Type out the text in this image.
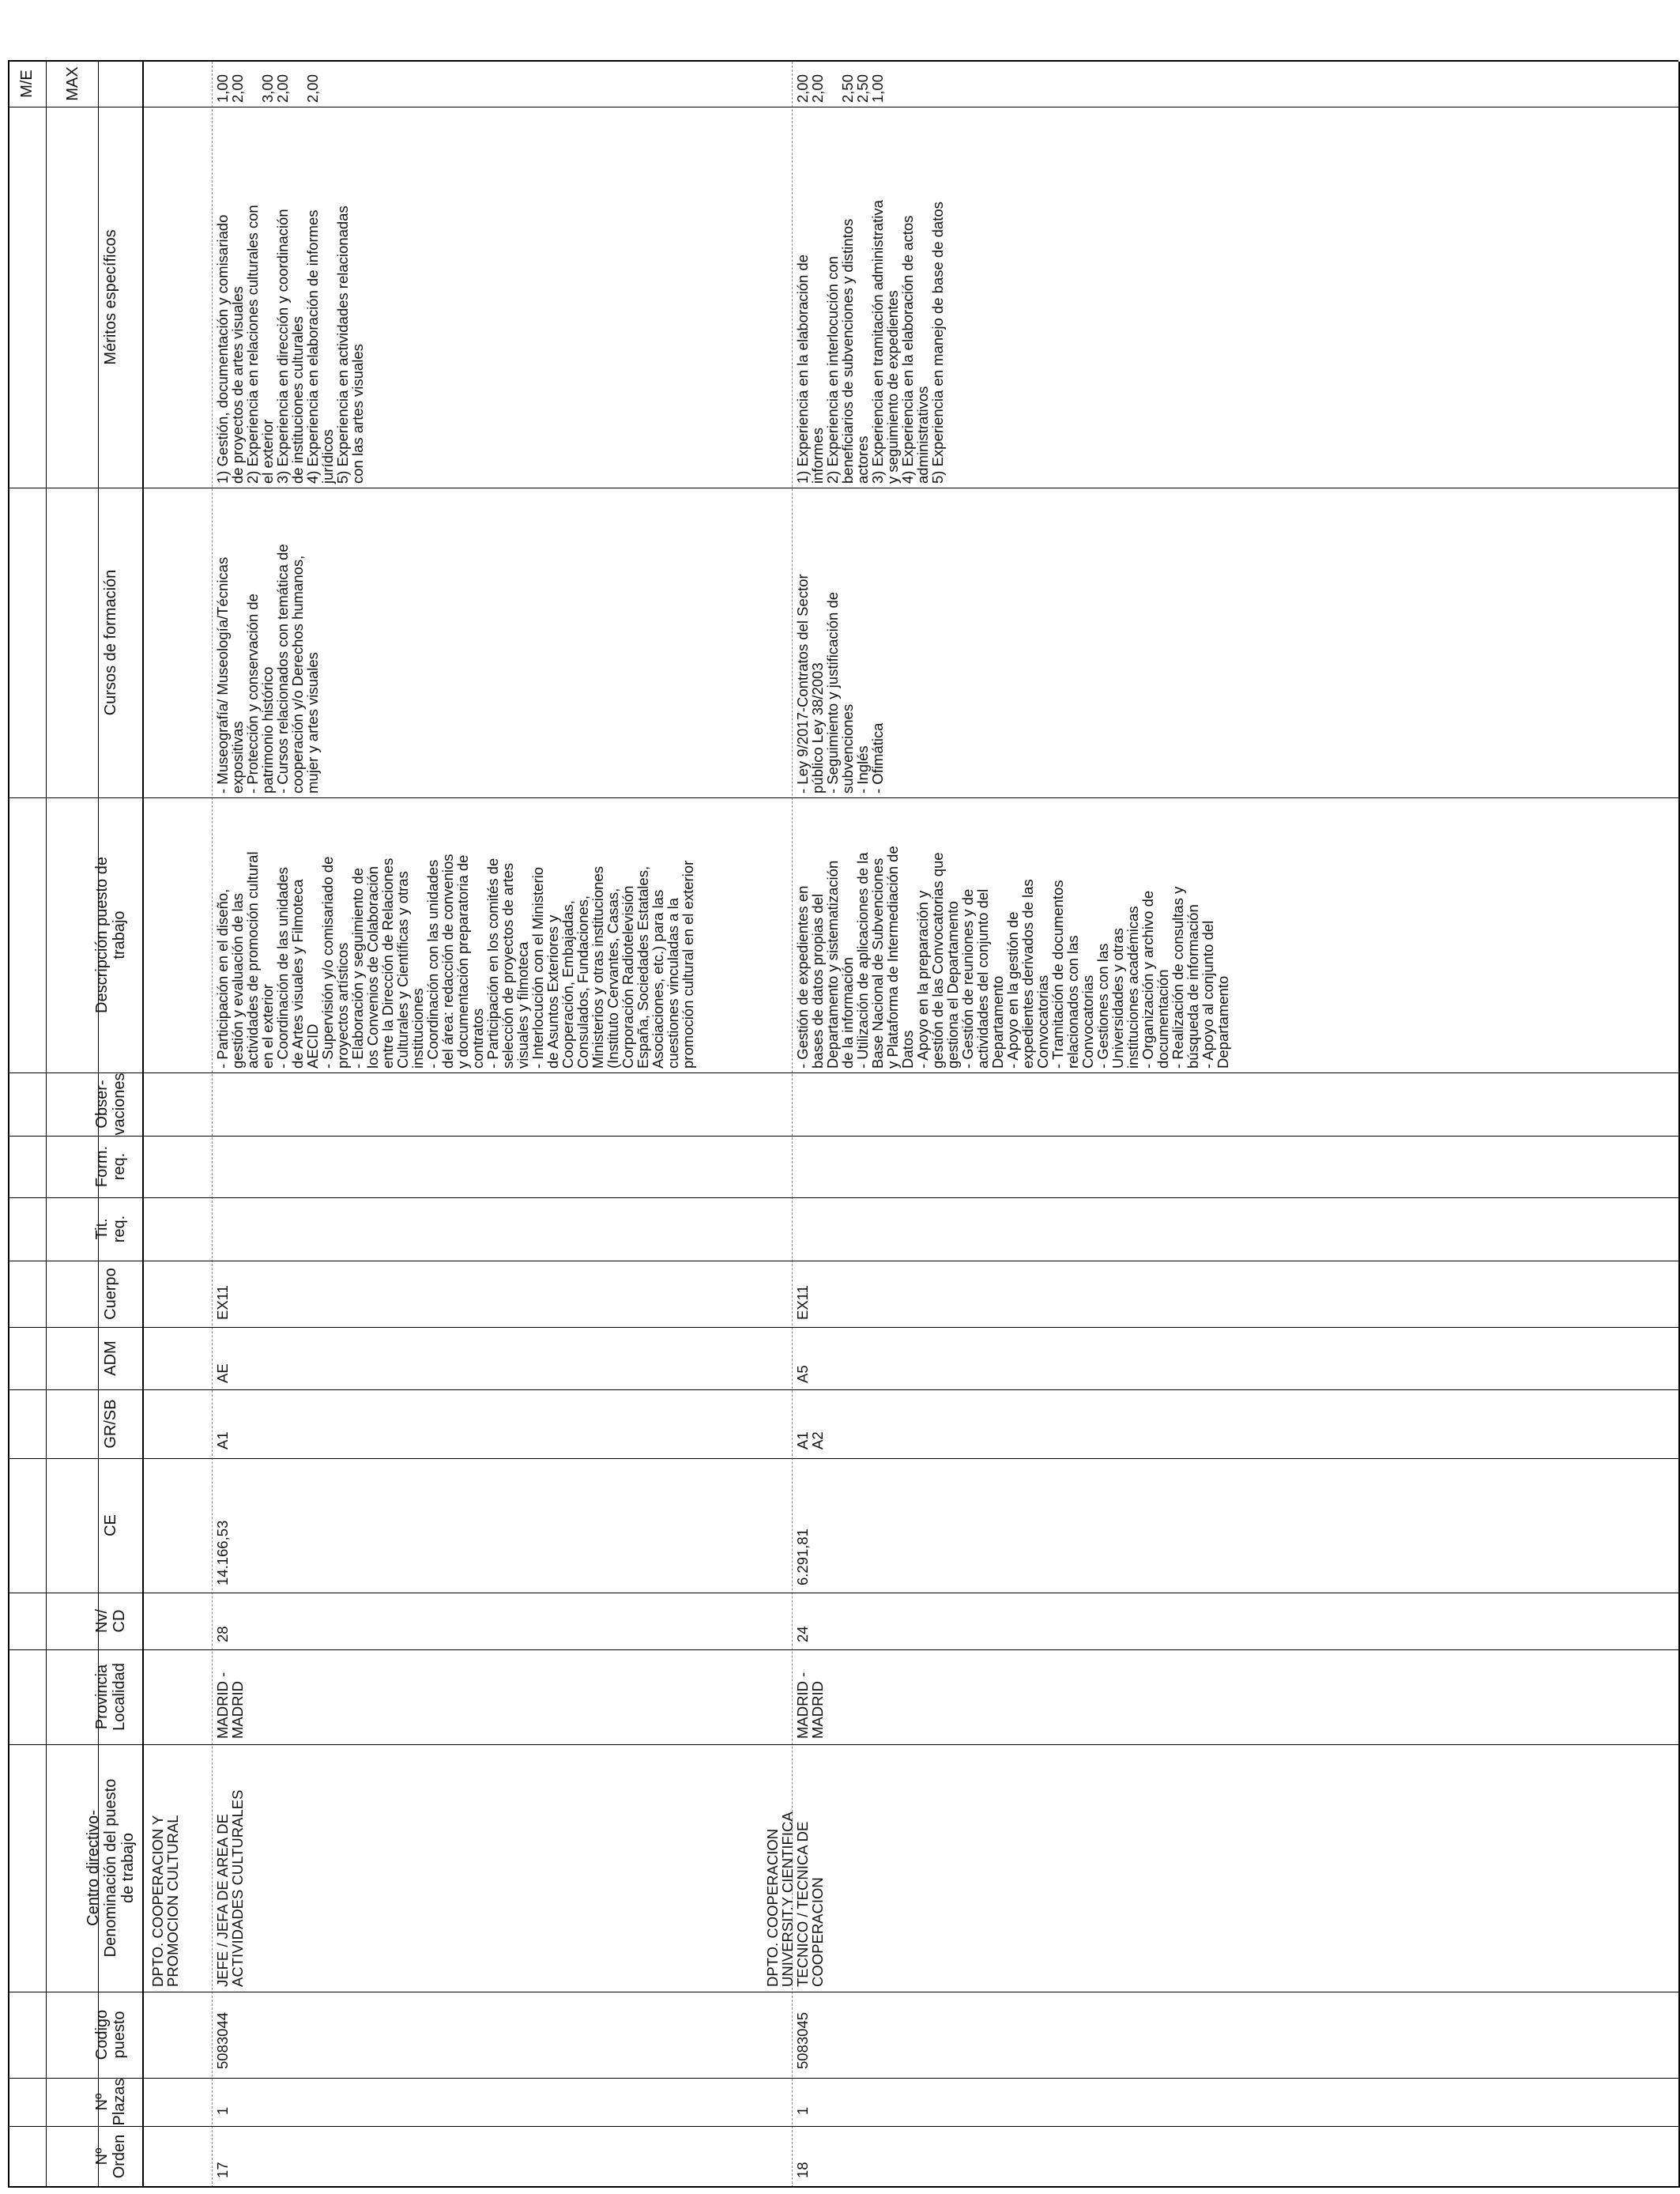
Nº
Orden
Nº
Plazas
Codigo
puesto
Centro directivo-
Denominación del puesto
de trabajo
Provincia
Localidad
Nv/
CD
CE
GR/SB
ADM
Cuerpo
Tit.
req.
Form.
req.
Obser-
vaciones
Descripción puesto de
trabajo
Cursos de formación
Méritos específicos
MAX
M/E
17
1
5083044
DPTO. COOPERACION Y
PROMOCION CULTURAL
JEFE / JEFA DE AREA DE
ACTIVIDADES CULTURALES
MADRID -
MADRID
28
14.166,53
A1
AE
EX11
- Participación en el diseño,
gestión y evaluación de las
actividades de promoción cultural
en el exterior
- Coordinación de las unidades
de Artes visuales y Filmoteca
AECID
- Supervisión y/o comisariado de
proyectos artísticos
- Elaboración y seguimiento de
los Convenios de Colaboración
entre la Dirección de Relaciones
Culturales y Científicas y otras
instituciones
- Coordinación con las unidades
del área: redacción de convenios
y documentación preparatoria de
contratos
- Participación en los comités de
selección de proyectos de artes
visuales y filmoteca
- Interlocución con el Ministerio
de Asuntos Exteriores y
Cooperación, Embajadas,
Consulados, Fundaciones,
Ministerios y otras instituciones
(Instituto Cervantes, Casas,
Corporación Radiotelevisión
España, Sociedades Estatales,
Asociaciones, etc.) para las
cuestiones vinculadas a la
promoción cultural en el exterior
- Museografía/ Museología/Técnicas
expositivas
- Protección y conservación de
patrimonio histórico
- Cursos relacionados con temática de
cooperación y/o Derechos humanos,
mujer y artes visuales
1) Gestión, documentación y comisariado
de proyectos de artes visuales
2) Experiencia en relaciones culturales con
el exterior
3) Experiencia en dirección y coordinación
de instituciones culturales
4) Experiencia en elaboración de informes
jurídicos
5) Experiencia en actividades relacionadas
con las artes visuales
1,00
2,00

3,00
2,00

2,00
18
1
5083045
DPTO. COOPERACION
UNIVERSIT.Y CIENTIFICA
TECNICO / TECNICA DE
COOPERACION
MADRID -
MADRID
24
6.291,81
A1
A2
A5
EX11
- Gestión de expedientes en
bases de datos propias del
Departamento y sistematización
de la información
- Utilización de aplicaciones de la
Base Nacional de Subvenciones
y Plataforma de Intermediación de
Datos
- Apoyo en la preparación y
gestión de las Convocatorias que
gestiona el Departamento
- Gestión de reuniones y de
actividades del conjunto del
Departamento
- Apoyo en la gestión de
expedientes derivados de las
Convocatorias
- Tramitación de documentos
relacionados con las
Convocatorias
- Gestiones con las
Universidades y otras
instituciones académicas
- Organización y archivo de
documentación
- Realización de consultas y
búsqueda de información
- Apoyo al conjunto del
Departamento
- Ley 9/2017-Contratos del Sector
público Ley 38/2003
- Seguimiento y justificación de
subvenciones
- Inglés
- Ofimática
1) Experiencia en la elaboración de
informes
2) Experiencia en interlocución con
beneficiarios de subvenciones y distintos
actores
3) Experiencia en tramitación administrativa
y seguimiento de expedientes
4) Experiencia en la elaboración de actos
administrativos
5) Experiencia en manejo de base de datos
2,00
2,00

2,50
2,50
1,00
